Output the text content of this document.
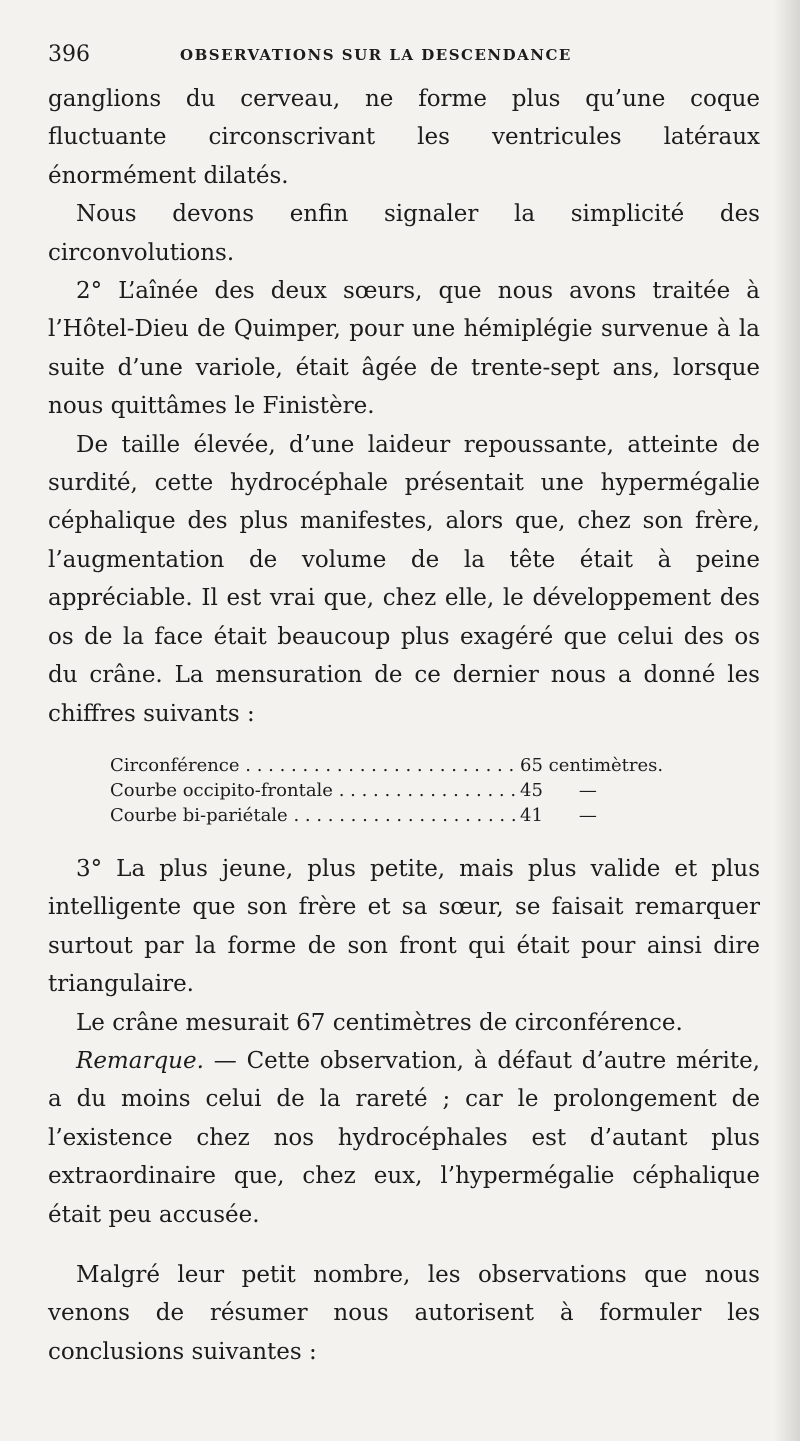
396	OBSERVATIONS SUR LA DESCENDANCE

ganglions du cerveau, ne forme plus qu’une coque fluctuante circonscrivant les ventricules latéraux énormément dilatés.

Nous devons enfin signaler la simplicité des circonvolutions.

2° L’aînée des deux sœurs, que nous avons traitée à l’Hôtel-Dieu de Quimper, pour une hémiplégie survenue à la suite d’une variole, était âgée de trente-sept ans, lorsque nous quittâmes le Finistère.

De taille élevée, d’une laideur repoussante, atteinte de surdité, cette hydrocéphale présentait une hypermégalie céphalique des plus manifestes, alors que, chez son frère, l’augmentation de volume de la tête était à peine appréciable. Il est vrai que, chez elle, le développement des os de la face était beaucoup plus exagéré que celui des os du crâne. La mensuration de ce dernier nous a donné les chiffres suivants :

Circonférence . . .	65 centimètres.
Courbe occipito-frontale . . .	45 —
Courbe bi-pariétale . . .	41 —

3° La plus jeune, plus petite, mais plus valide et plus intelligente que son frère et sa sœur, se faisait remarquer surtout par la forme de son front qui était pour ainsi dire triangulaire.

Le crâne mesurait 67 centimètres de circonférence.

Remarque. — Cette observation, à défaut d’autre mérite, a du moins celui de la rareté ; car le prolongement de l’existence chez nos hydrocéphales est d’autant plus extraordinaire que, chez eux, l’hypermégalie céphalique était peu accusée.

Malgré leur petit nombre, les observations que nous venons de résumer nous autorisent à formuler les conclusions suivantes :
